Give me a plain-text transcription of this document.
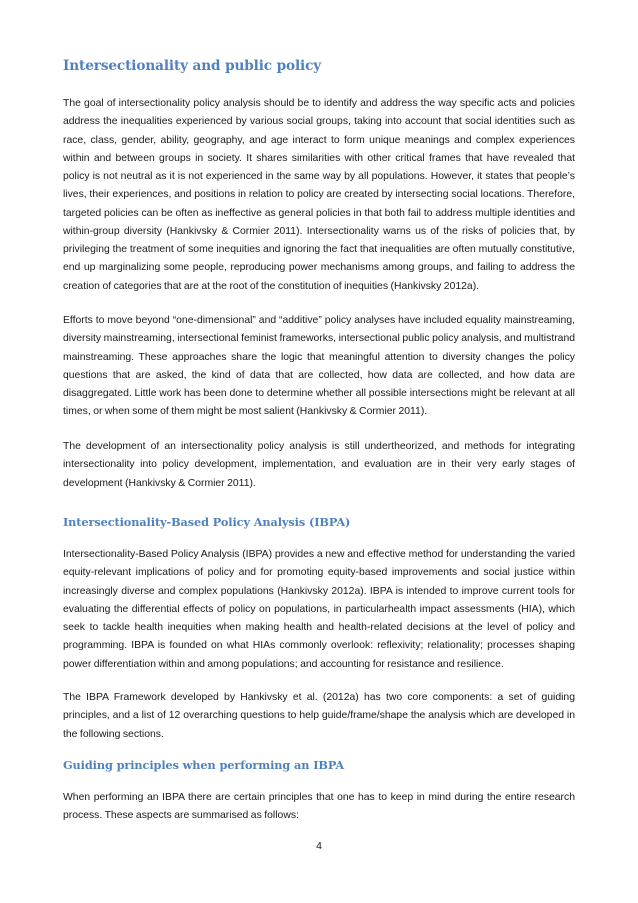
Intersectionality and public policy

The goal of intersectionality policy analysis should be to identify and address the way specific acts and policies address the inequalities experienced by various social groups, taking into account that social identities such as race, class, gender, ability, geography, and age interact to form unique meanings and complex experiences within and between groups in society. It shares similarities with other critical frames that have revealed that policy is not neutral as it is not experienced in the same way by all populations. However, it states that people’s lives, their experiences, and positions in relation to policy are created by intersecting social locations. Therefore, targeted policies can be often as ineffective as general policies in that both fail to address multiple identities and within-group diversity (Hankivsky & Cormier 2011). Intersectionality warns us of the risks of policies that, by privileging the treatment of some inequities and ignoring the fact that inequalities are often mutually constitutive, end up marginalizing some people, reproducing power mechanisms among groups, and failing to address the creation of categories that are at the root of the constitution of inequities (Hankivsky 2012a).

Efforts to move beyond “one-dimensional” and “additive” policy analyses have included equality mainstreaming, diversity mainstreaming, intersectional feminist frameworks, intersectional public policy analysis, and multistrand mainstreaming. These approaches share the logic that meaningful attention to diversity changes the policy questions that are asked, the kind of data that are collected, how data are collected, and how data are disaggregated. Little work has been done to determine whether all possible intersections might be relevant at all times, or when some of them might be most salient (Hankivsky & Cormier 2011).

The development of an intersectionality policy analysis is still undertheorized, and methods for integrating intersectionality into policy development, implementation, and evaluation are in their very early stages of development (Hankivsky & Cormier 2011).

Intersectionality-Based Policy Analysis (IBPA)

Intersectionality-Based Policy Analysis (IBPA) provides a new and effective method for understanding the varied equity-relevant implications of policy and for promoting equity-based improvements and social justice within increasingly diverse and complex populations (Hankivsky 2012a). IBPA is intended to improve current tools for evaluating the differential effects of policy on populations, in particularhealth impact assessments (HIA), which seek to tackle health inequities when making health and health-related decisions at the level of policy and programming. IBPA is founded on what HIAs commonly overlook: reflexivity; relationality; processes shaping power differentiation within and among populations; and accounting for resistance and resilience.

The IBPA Framework developed by Hankivsky et al. (2012a) has two core components: a set of guiding principles, and a list of 12 overarching questions to help guide/frame/shape the analysis which are developed in the following sections.

Guiding principles when performing an IBPA

When performing an IBPA there are certain principles that one has to keep in mind during the entire research process. These aspects are summarised as follows:

4
